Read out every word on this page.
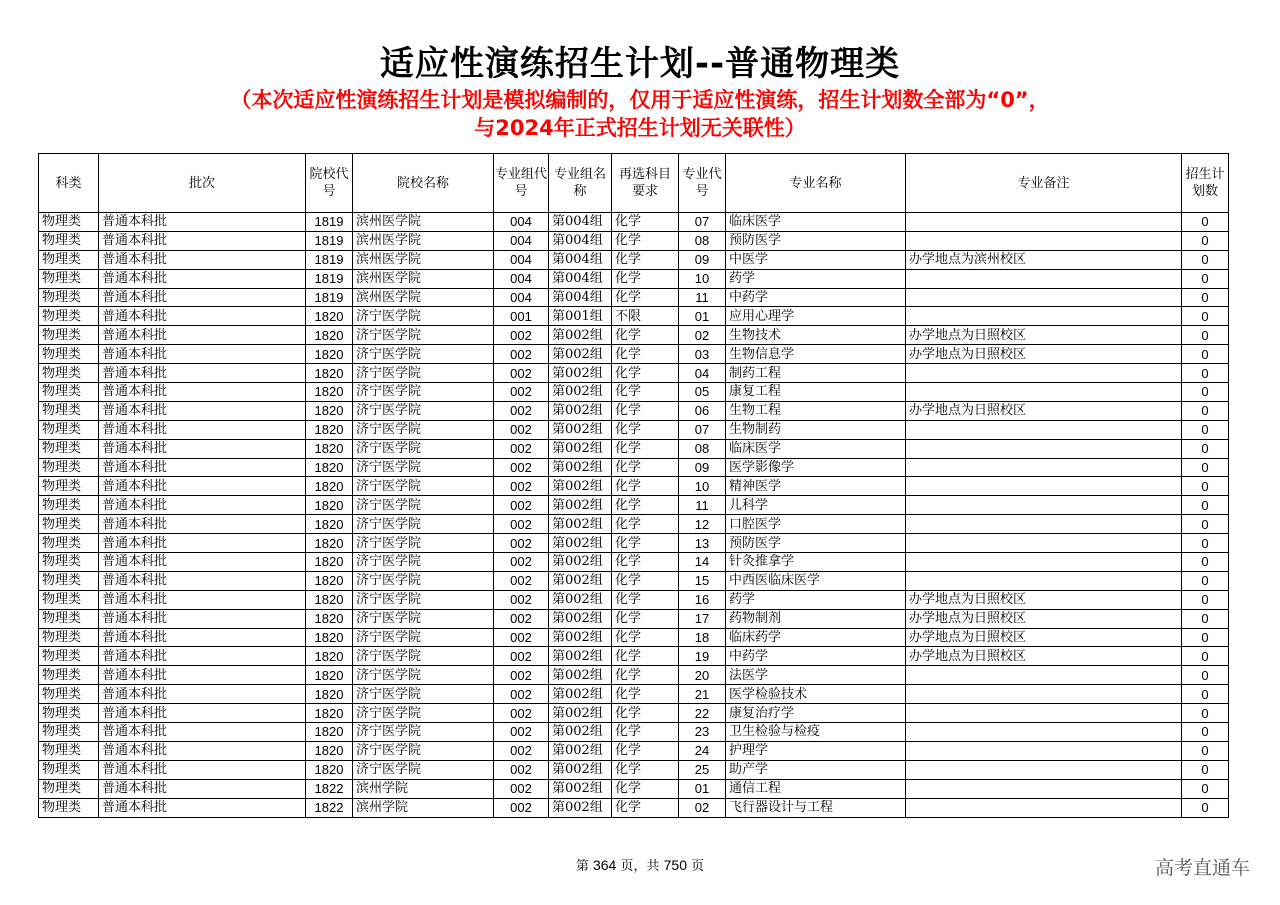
适应性演练招生计划--普通物理类
（本次适应性演练招生计划是模拟编制的，仅用于适应性演练，招生计划数全部为“0”，
与2024年正式招生计划无关联性）
科类	批次	院校代号	院校名称	专业组代号	专业组名称	再选科目要求	专业代号	专业名称	专业备注	招生计划数
物理类	普通本科批	1819	滨州医学院	004	第004组	化学	07	临床医学		0
物理类	普通本科批	1819	滨州医学院	004	第004组	化学	08	预防医学		0
物理类	普通本科批	1819	滨州医学院	004	第004组	化学	09	中医学	办学地点为滨州校区	0
物理类	普通本科批	1819	滨州医学院	004	第004组	化学	10	药学		0
物理类	普通本科批	1819	滨州医学院	004	第004组	化学	11	中药学		0
物理类	普通本科批	1820	济宁医学院	001	第001组	不限	01	应用心理学		0
物理类	普通本科批	1820	济宁医学院	002	第002组	化学	02	生物技术	办学地点为日照校区	0
物理类	普通本科批	1820	济宁医学院	002	第002组	化学	03	生物信息学	办学地点为日照校区	0
物理类	普通本科批	1820	济宁医学院	002	第002组	化学	04	制药工程		0
物理类	普通本科批	1820	济宁医学院	002	第002组	化学	05	康复工程		0
物理类	普通本科批	1820	济宁医学院	002	第002组	化学	06	生物工程	办学地点为日照校区	0
物理类	普通本科批	1820	济宁医学院	002	第002组	化学	07	生物制药		0
物理类	普通本科批	1820	济宁医学院	002	第002组	化学	08	临床医学		0
物理类	普通本科批	1820	济宁医学院	002	第002组	化学	09	医学影像学		0
物理类	普通本科批	1820	济宁医学院	002	第002组	化学	10	精神医学		0
物理类	普通本科批	1820	济宁医学院	002	第002组	化学	11	儿科学		0
物理类	普通本科批	1820	济宁医学院	002	第002组	化学	12	口腔医学		0
物理类	普通本科批	1820	济宁医学院	002	第002组	化学	13	预防医学		0
物理类	普通本科批	1820	济宁医学院	002	第002组	化学	14	针灸推拿学		0
物理类	普通本科批	1820	济宁医学院	002	第002组	化学	15	中西医临床医学		0
物理类	普通本科批	1820	济宁医学院	002	第002组	化学	16	药学	办学地点为日照校区	0
物理类	普通本科批	1820	济宁医学院	002	第002组	化学	17	药物制剂	办学地点为日照校区	0
物理类	普通本科批	1820	济宁医学院	002	第002组	化学	18	临床药学	办学地点为日照校区	0
物理类	普通本科批	1820	济宁医学院	002	第002组	化学	19	中药学	办学地点为日照校区	0
物理类	普通本科批	1820	济宁医学院	002	第002组	化学	20	法医学		0
物理类	普通本科批	1820	济宁医学院	002	第002组	化学	21	医学检验技术		0
物理类	普通本科批	1820	济宁医学院	002	第002组	化学	22	康复治疗学		0
物理类	普通本科批	1820	济宁医学院	002	第002组	化学	23	卫生检验与检疫		0
物理类	普通本科批	1820	济宁医学院	002	第002组	化学	24	护理学		0
物理类	普通本科批	1820	济宁医学院	002	第002组	化学	25	助产学		0
物理类	普通本科批	1822	滨州学院	002	第002组	化学	01	通信工程		0
物理类	普通本科批	1822	滨州学院	002	第002组	化学	02	飞行器设计与工程		0
第 364 页，共 750 页	高考直通车
